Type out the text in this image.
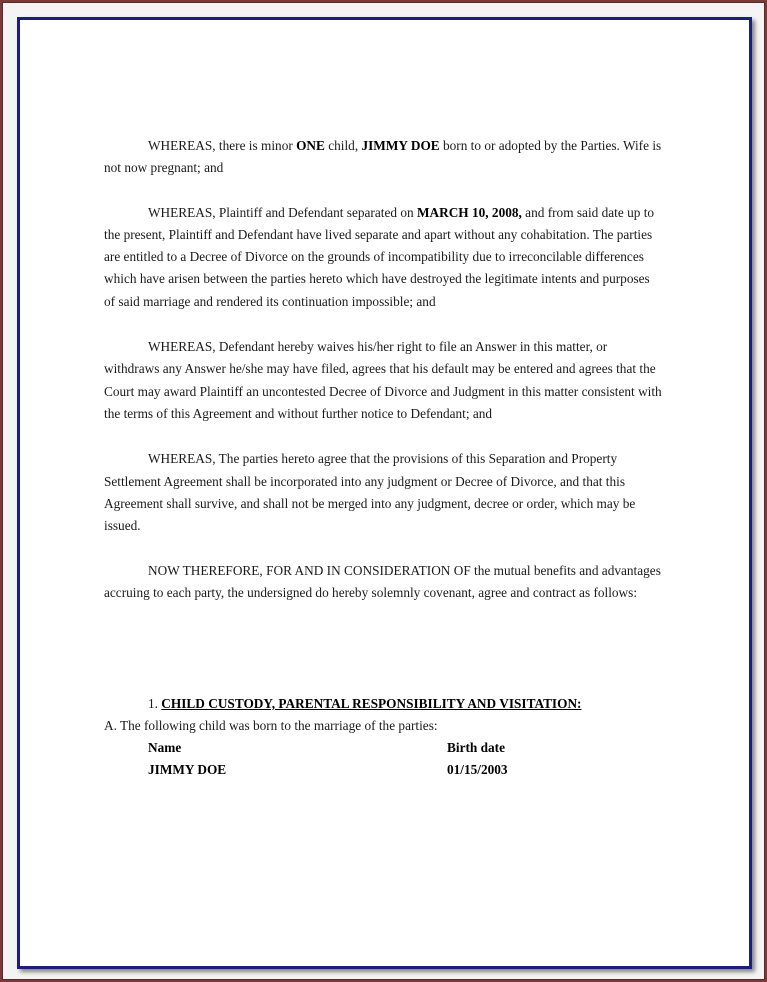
WHEREAS, there is minor ONE child, JIMMY DOE born to or adopted by the Parties. Wife is not now pregnant; and

WHEREAS, Plaintiff and Defendant separated on MARCH 10, 2008, and from said date up to the present, Plaintiff and Defendant have lived separate and apart without any cohabitation. The parties are entitled to a Decree of Divorce on the grounds of incompatibility due to irreconcilable differences which have arisen between the parties hereto which have destroyed the legitimate intents and purposes of said marriage and rendered its continuation impossible; and

WHEREAS, Defendant hereby waives his/her right to file an Answer in this matter, or withdraws any Answer he/she may have filed, agrees that his default may be entered and agrees that the Court may award Plaintiff an uncontested Decree of Divorce and Judgment in this matter consistent with the terms of this Agreement and without further notice to Defendant; and

WHEREAS, The parties hereto agree that the provisions of this Separation and Property Settlement Agreement shall be incorporated into any judgment or Decree of Divorce, and that this Agreement shall survive, and shall not be merged into any judgment, decree or order, which may be issued.

NOW THEREFORE, FOR AND IN CONSIDERATION OF the mutual benefits and advantages accruing to each party, the undersigned do hereby solemnly covenant, agree and contract as follows:

1. CHILD CUSTODY, PARENTAL RESPONSIBILITY AND VISITATION:

A. The following child was born to the marriage of the parties:

Name	Birth date
JIMMY DOE	01/15/2003
